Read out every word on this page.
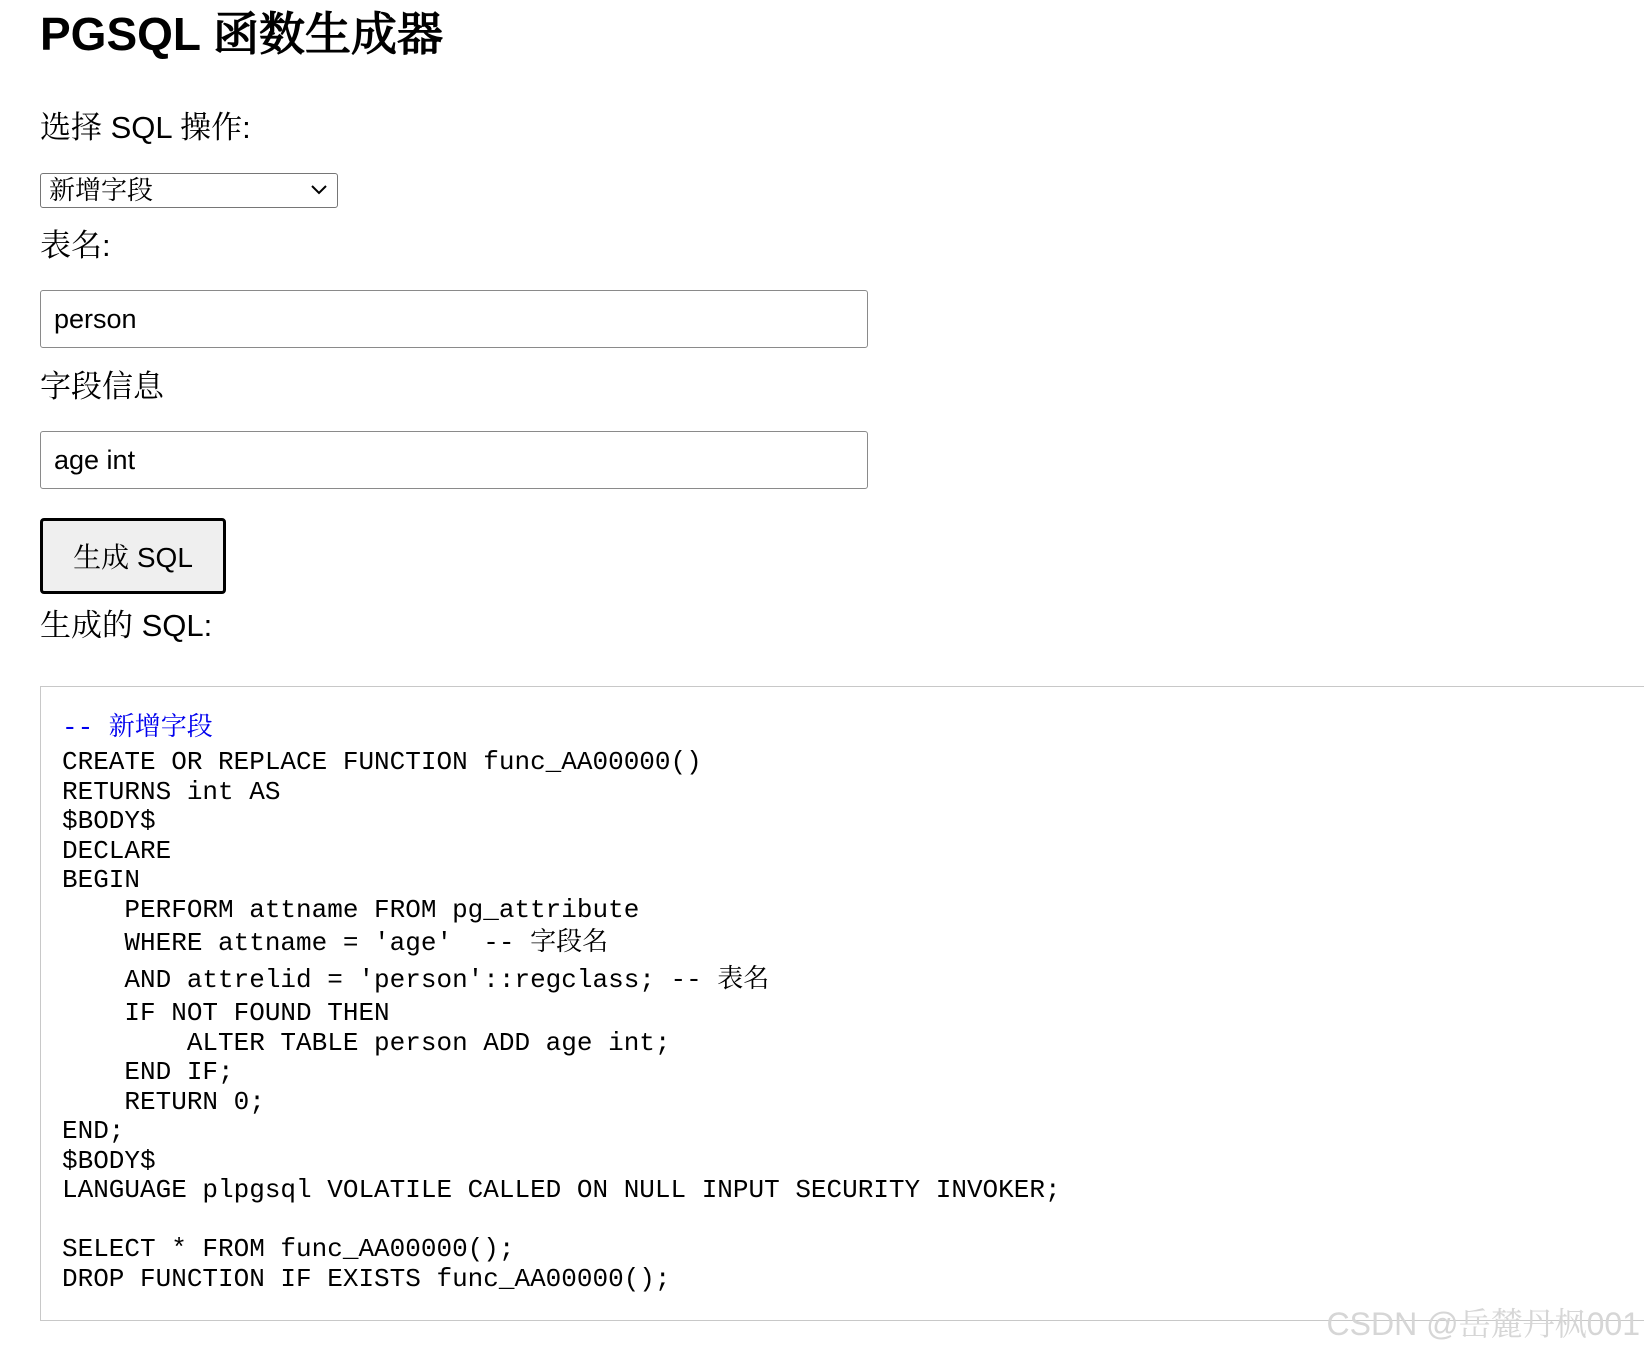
PGSQL 函数生成器
选择 SQL 操作:
新增字段
表名:
person
字段信息
age int
生成 SQL
生成的 SQL:
-- 新增字段
CREATE OR REPLACE FUNCTION func_AA00000()
RETURNS int AS
$BODY$
DECLARE
BEGIN
PERFORM attname FROM pg_attribute
WHERE attname = 'age'  -- 字段名
AND attrelid = 'person'::regclass; -- 表名
IF NOT FOUND THEN
ALTER TABLE person ADD age int;
END IF;
RETURN 0;
END;
$BODY$
LANGUAGE plpgsql VOLATILE CALLED ON NULL INPUT SECURITY INVOKER;
SELECT * FROM func_AA00000();
DROP FUNCTION IF EXISTS func_AA00000();
CSDN @岳麓丹枫001
